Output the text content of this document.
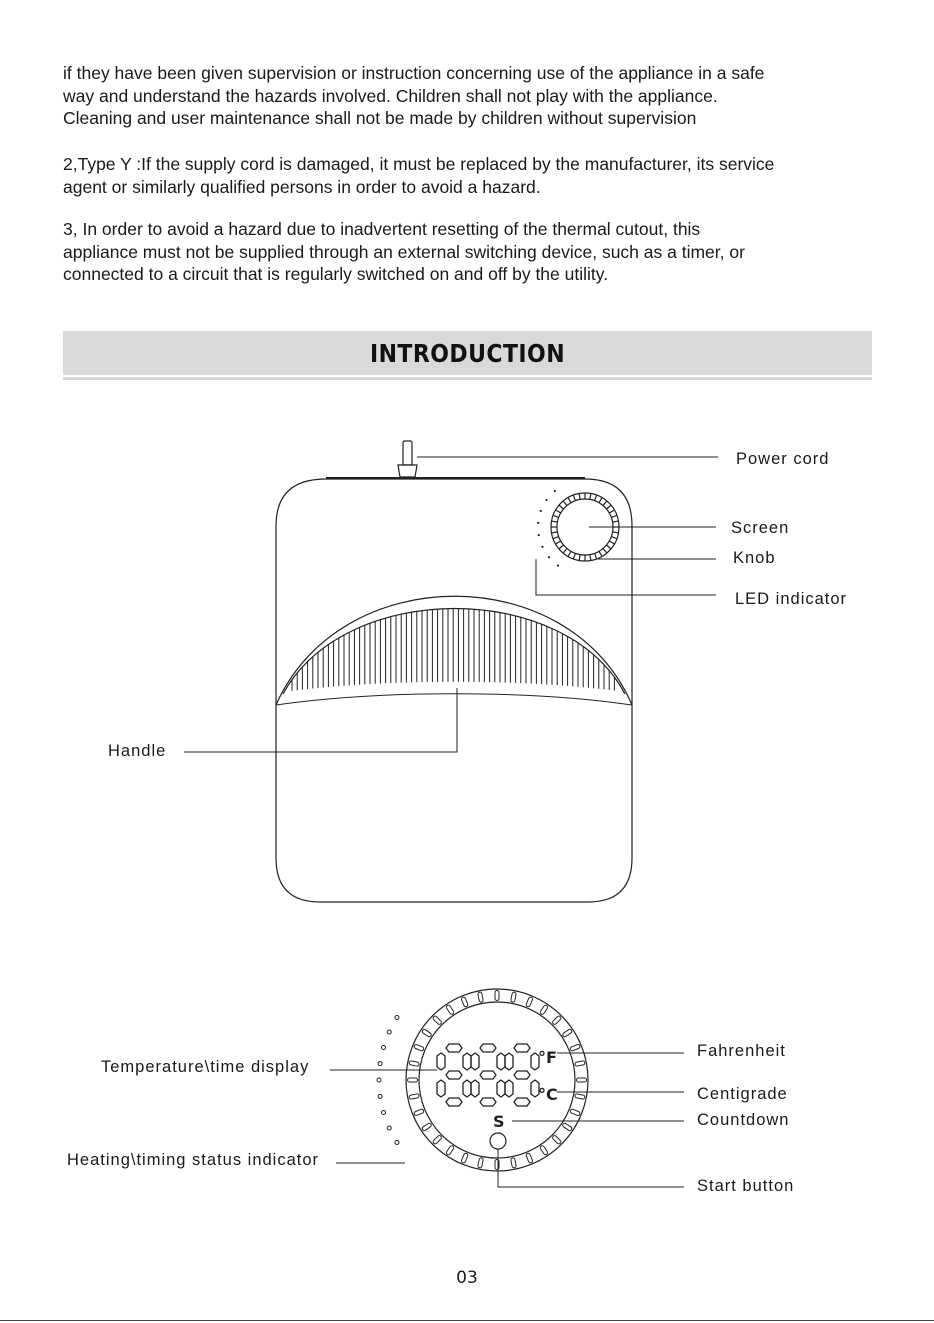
if they have been given supervision or instruction concerning use of the appliance in a safe
way and understand the hazards involved. Children shall not play with the appliance.
Cleaning and user maintenance shall not be made by children without supervision
2,Type Y :If the supply cord is damaged, it must be replaced by the manufacturer, its service
agent or similarly qualified persons in order to avoid a hazard.
3, In order to avoid a hazard due to inadvertent resetting of the thermal cutout, this
appliance must not be supplied through an external switching device, such as a timer, or
connected to a circuit that is regularly switched on and off by the utility.
INTRODUCTION
°F
°C
S
Power cord
Screen
Knob
LED indicator
Handle
Temperature\time display
Heating\timing status indicator
Fahrenheit
Centigrade
Countdown
Start button
03
